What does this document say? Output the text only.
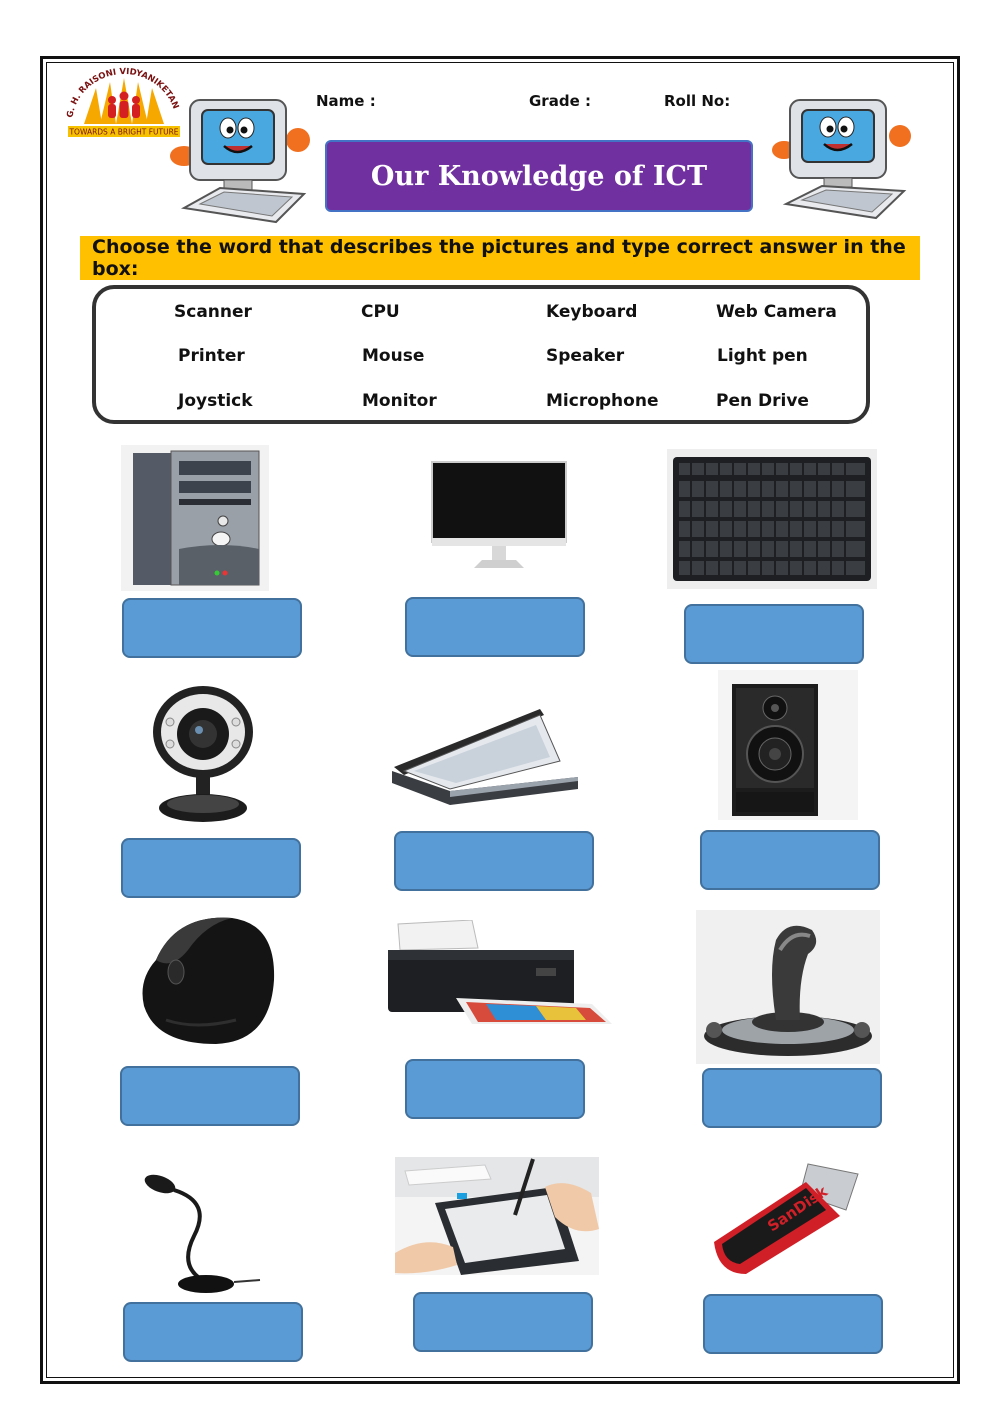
G. H. RAISONI VIDYANIKETAN
TOWARDS A BRIGHT FUTURE
Name :	Grade :	Roll No:
Our Knowledge of ICT
Choose the word that describes the pictures and type correct answer in the box:
Scanner	CPU	Keyboard	Web Camera
Printer	Mouse	Speaker	Light pen
Joystick	Monitor	Microphone	Pen Drive
SanDisk
